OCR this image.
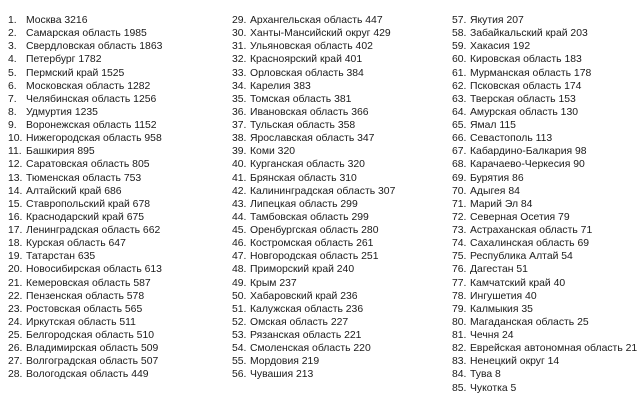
1. Москва 3216
2. Самарская область 1985
3. Свердловская область 1863
4. Петербург 1782
5. Пермский край 1525
6. Московская область 1282
7. Челябинская область 1256
8. Удмуртия 1235
9. Воронежская область 1152
10. Нижегородская область 958
11. Башкирия 895
12. Саратовская область 805
13. Тюменская область 753
14. Алтайский край 686
15. Ставропольский край 678
16. Краснодарский край 675
17. Ленинградская область 662
18. Курская область 647
19. Татарстан 635
20. Новосибирская область 613
21. Кемеровская область 587
22. Пензенская область 578
23. Ростовская область 565
24. Иркутская область 511
25. Белгородская область 510
26. Владимирская область 509
27. Волгоградская область 507
28. Вологодская область 449
29. Архангельская область 447
30. Ханты-Мансийский округ 429
31. Ульяновская область 402
32. Красноярский край 401
33. Орловская область 384
34. Карелия 383
35. Томская область 381
36. Ивановская область 366
37. Тульская область 358
38. Ярославская область 347
39. Коми 320
40. Курганская область 320
41. Брянская область 310
42. Калининградская область 307
43. Липецкая область 299
44. Тамбовская область 299
45. Оренбургская область 280
46. Костромская область 261
47. Новгородская область 251
48. Приморский край 240
49. Крым 237
50. Хабаровский край 236
51. Калужская область 236
52. Омская область 227
53. Рязанская область 221
54. Смоленская область 220
55. Мордовия 219
56. Чувашия 213
57. Якутия 207
58. Забайкальский край 203
59. Хакасия 192
60. Кировская область 183
61. Мурманская область 178
62. Псковская область 174
63. Тверская область 153
64. Амурская область 130
65. Ямал 115
66. Севастополь 113
67. Кабардино-Балкария 98
68. Карачаево-Черкесия 90
69. Бурятия 86
70. Адыгея 84
71. Марий Эл 84
72. Северная Осетия 79
73. Астраханская область 71
74. Сахалинская область 69
75. Республика Алтай 54
76. Дагестан 51
77. Камчатский край 40
78. Ингушетия 40
79. Калмыкия 35
80. Магаданская область 25
81. Чечня 24
82. Еврейская автономная область 21
83. Ненецкий округ 14
84. Тува 8
85. Чукотка 5
